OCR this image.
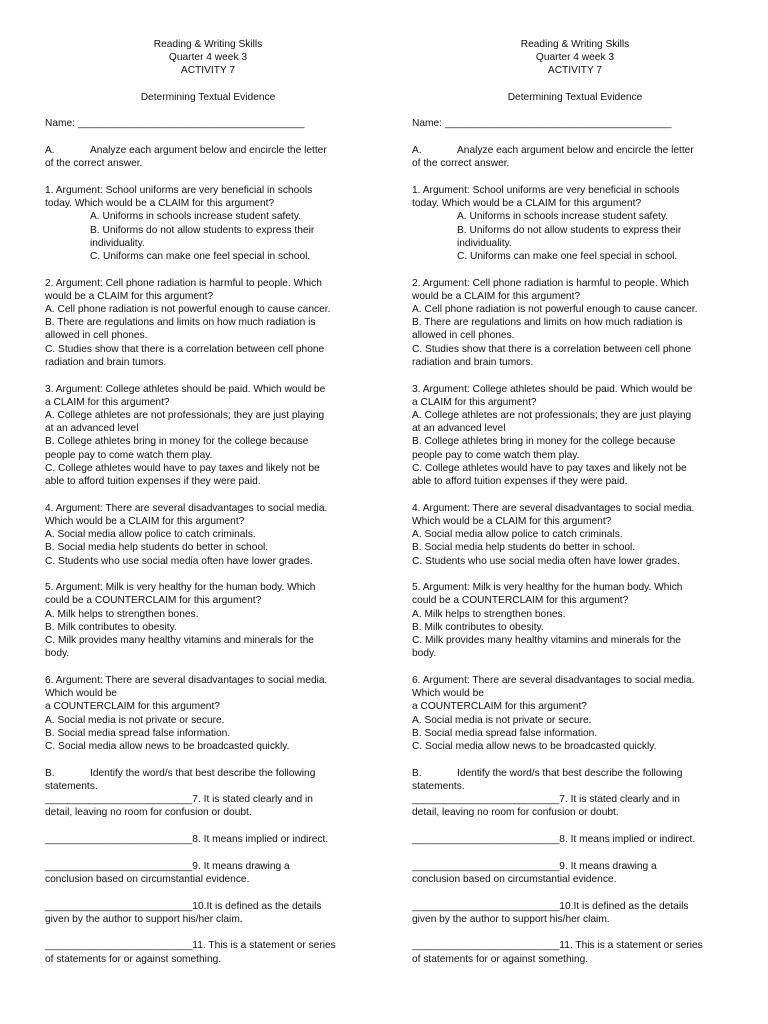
Reading & Writing Skills

Quarter 4 week 3

ACTIVITY 7

Determining Textual Evidence

Name: ________________________________________

A.	Analyze each argument below and encircle the letter

of the correct answer.

1. Argument: School uniforms are very beneficial in schools

today. Which would be a CLAIM for this argument?

A. Uniforms in schools increase student safety.

B. Uniforms do not allow students to express their

individuality.

C. Uniforms can make one feel special in school.

2. Argument: Cell phone radiation is harmful to people. Which

would be a CLAIM for this argument?

A. Cell phone radiation is not powerful enough to cause cancer.

B. There are regulations and limits on how much radiation is

allowed in cell phones.

C. Studies show that there is a correlation between cell phone

radiation and brain tumors.

3. Argument: College athletes should be paid. Which would be

a CLAIM for this argument?

A. College athletes are not professionals; they are just playing

at an advanced level

B. College athletes bring in money for the college because

people pay to come watch them play.

C. College athletes would have to pay taxes and likely not be

able to afford tuition expenses if they were paid.

4. Argument: There are several disadvantages to social media.

Which would be a CLAIM for this argument?

A. Social media allow police to catch criminals.

B. Social media help students do better in school.

C. Students who use social media often have lower grades.

5. Argument: Milk is very healthy for the human body. Which

could be a COUNTERCLAIM for this argument?

A. Milk helps to strengthen bones.

B. Milk contributes to obesity.

C. Milk provides many healthy vitamins and minerals for the

body.

6. Argument: There are several disadvantages to social media.

Which would be

a COUNTERCLAIM for this argument?

A. Social media is not private or secure.

B. Social media spread false information.

C. Social media allow news to be broadcasted quickly.

B.	Identify the word/s that best describe the following

statements.

__________________________7. It is stated clearly and in

detail, leaving no room for confusion or doubt.

__________________________8. It means implied or indirect.

__________________________9. It means drawing a

conclusion based on circumstantial evidence.

__________________________10.It is defined as the details

given by the author to support his/her claim.

__________________________11. This is a statement or series

of statements for or against something.

Reading & Writing Skills

Quarter 4 week 3

ACTIVITY 7

Determining Textual Evidence

Name: ________________________________________

A.	Analyze each argument below and encircle the letter

of the correct answer.

1. Argument: School uniforms are very beneficial in schools

today. Which would be a CLAIM for this argument?

A. Uniforms in schools increase student safety.

B. Uniforms do not allow students to express their

individuality.

C. Uniforms can make one feel special in school.

2. Argument: Cell phone radiation is harmful to people. Which

would be a CLAIM for this argument?

A. Cell phone radiation is not powerful enough to cause cancer.

B. There are regulations and limits on how much radiation is

allowed in cell phones.

C. Studies show that there is a correlation between cell phone

radiation and brain tumors.

3. Argument: College athletes should be paid. Which would be

a CLAIM for this argument?

A. College athletes are not professionals; they are just playing

at an advanced level

B. College athletes bring in money for the college because

people pay to come watch them play.

C. College athletes would have to pay taxes and likely not be

able to afford tuition expenses if they were paid.

4. Argument: There are several disadvantages to social media.

Which would be a CLAIM for this argument?

A. Social media allow police to catch criminals.

B. Social media help students do better in school.

C. Students who use social media often have lower grades.

5. Argument: Milk is very healthy for the human body. Which

could be a COUNTERCLAIM for this argument?

A. Milk helps to strengthen bones.

B. Milk contributes to obesity.

C. Milk provides many healthy vitamins and minerals for the

body.

6. Argument: There are several disadvantages to social media.

Which would be

a COUNTERCLAIM for this argument?

A. Social media is not private or secure.

B. Social media spread false information.

C. Social media allow news to be broadcasted quickly.

B.	Identify the word/s that best describe the following

statements.

__________________________7. It is stated clearly and in

detail, leaving no room for confusion or doubt.

__________________________8. It means implied or indirect.

__________________________9. It means drawing a

conclusion based on circumstantial evidence.

__________________________10.It is defined as the details

given by the author to support his/her claim.

__________________________11. This is a statement or series

of statements for or against something.
